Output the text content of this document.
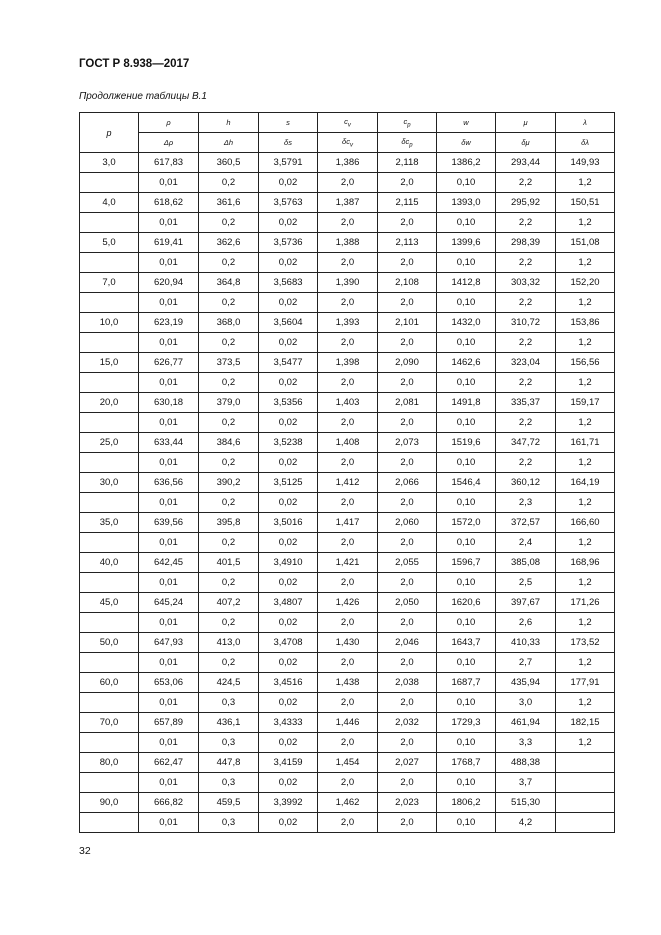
ГОСТ Р 8.938—2017
Продолжение таблицы В.1
p	ρ	h	s	$c_v$	$c_p$	w	μ	λ
	Δρ	Δh	δs	$\delta c_v$	$\delta c_p$	δw	δμ	δλ
3,0	617,83	360,5	3,5791	1,386	2,118	1386,2	293,44	149,93
	0,01	0,2	0,02	2,0	2,0	0,10	2,2	1,2
4,0	618,62	361,6	3,5763	1,387	2,115	1393,0	295,92	150,51
	0,01	0,2	0,02	2,0	2,0	0,10	2,2	1,2
5,0	619,41	362,6	3,5736	1,388	2,113	1399,6	298,39	151,08
	0,01	0,2	0,02	2,0	2,0	0,10	2,2	1,2
7,0	620,94	364,8	3,5683	1,390	2,108	1412,8	303,32	152,20
	0,01	0,2	0,02	2,0	2,0	0,10	2,2	1,2
10,0	623,19	368,0	3,5604	1,393	2,101	1432,0	310,72	153,86
	0,01	0,2	0,02	2,0	2,0	0,10	2,2	1,2
15,0	626,77	373,5	3,5477	1,398	2,090	1462,6	323,04	156,56
	0,01	0,2	0,02	2,0	2,0	0,10	2,2	1,2
20,0	630,18	379,0	3,5356	1,403	2,081	1491,8	335,37	159,17
	0,01	0,2	0,02	2,0	2,0	0,10	2,2	1,2
25,0	633,44	384,6	3,5238	1,408	2,073	1519,6	347,72	161,71
	0,01	0,2	0,02	2,0	2,0	0,10	2,2	1,2
30,0	636,56	390,2	3,5125	1,412	2,066	1546,4	360,12	164,19
	0,01	0,2	0,02	2,0	2,0	0,10	2,3	1,2
35,0	639,56	395,8	3,5016	1,417	2,060	1572,0	372,57	166,60
	0,01	0,2	0,02	2,0	2,0	0,10	2,4	1,2
40,0	642,45	401,5	3,4910	1,421	2,055	1596,7	385,08	168,96
	0,01	0,2	0,02	2,0	2,0	0,10	2,5	1,2
45,0	645,24	407,2	3,4807	1,426	2,050	1620,6	397,67	171,26
	0,01	0,2	0,02	2,0	2,0	0,10	2,6	1,2
50,0	647,93	413,0	3,4708	1,430	2,046	1643,7	410,33	173,52
	0,01	0,2	0,02	2,0	2,0	0,10	2,7	1,2
60,0	653,06	424,5	3,4516	1,438	2,038	1687,7	435,94	177,91
	0,01	0,3	0,02	2,0	2,0	0,10	3,0	1,2
70,0	657,89	436,1	3,4333	1,446	2,032	1729,3	461,94	182,15
	0,01	0,3	0,02	2,0	2,0	0,10	3,3	1,2
80,0	662,47	447,8	3,4159	1,454	2,027	1768,7	488,38	
	0,01	0,3	0,02	2,0	2,0	0,10	3,7	
90,0	666,82	459,5	3,3992	1,462	2,023	1806,2	515,30	
	0,01	0,3	0,02	2,0	2,0	0,10	4,2	
32
